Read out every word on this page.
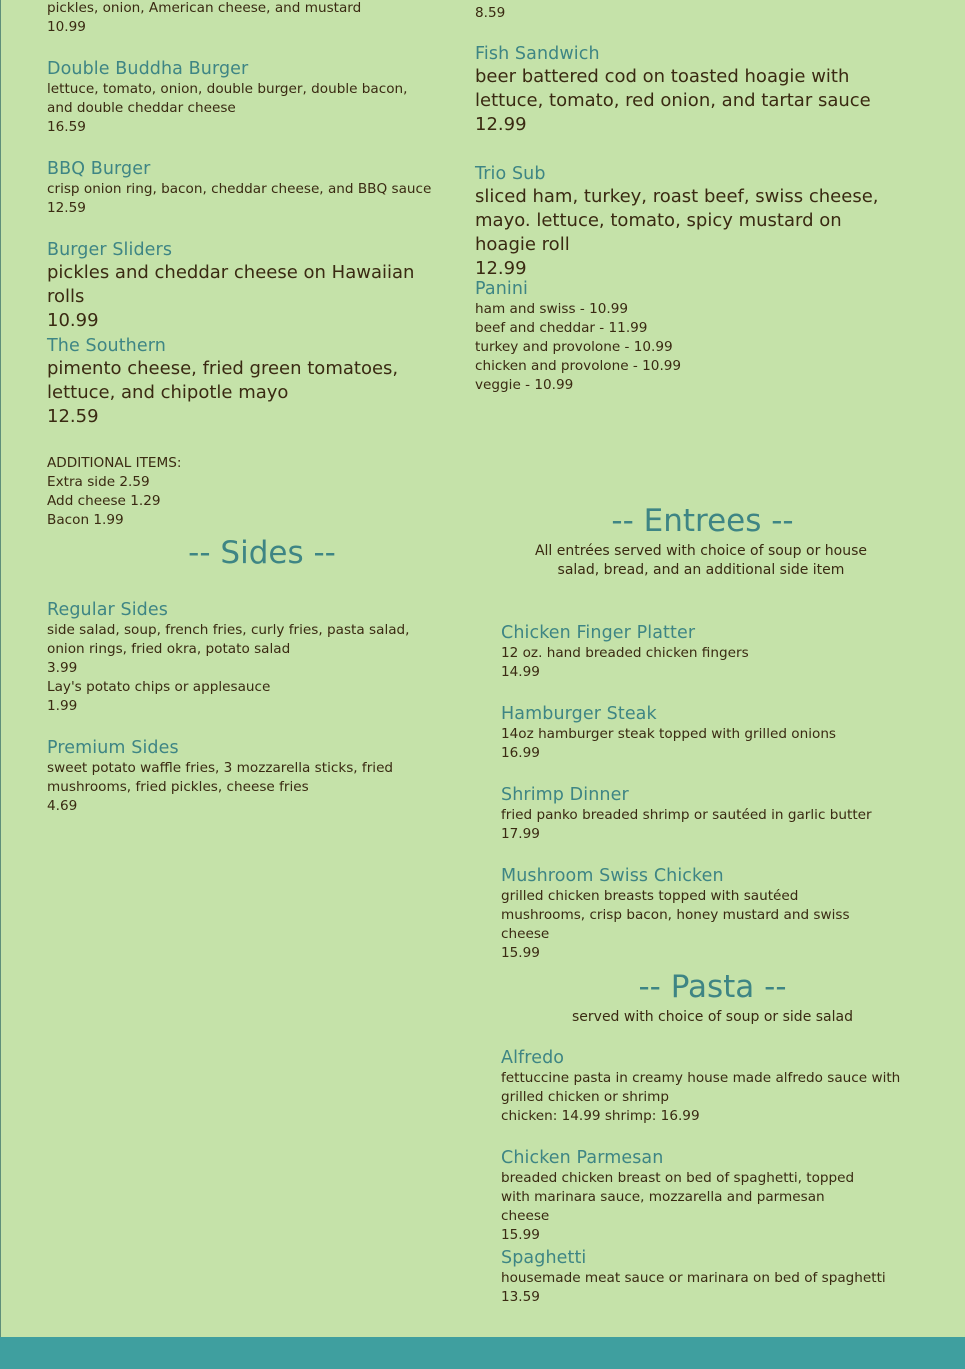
pickles, onion, American cheese, and mustard
10.99
Double Buddha Burger
lettuce, tomato, onion, double burger, double bacon, and double cheddar cheese
16.59
BBQ Burger
crisp onion ring, bacon, cheddar cheese, and BBQ sauce
12.59
Burger Sliders
pickles and cheddar cheese on Hawaiian rolls
10.99
The Southern
pimento cheese, fried green tomatoes, lettuce, and chipotle mayo
12.59
ADDITIONAL ITEMS:
Extra side 2.59
Add cheese 1.29
Bacon 1.99
-- Sides --
Regular Sides
side salad, soup, french fries, curly fries, pasta salad, onion rings, fried okra, potato salad
3.99
Lay's potato chips or applesauce
1.99
Premium Sides
sweet potato waffle fries, 3 mozzarella sticks, fried mushrooms, fried pickles, cheese fries
4.69
8.59
Fish Sandwich
beer battered cod on toasted hoagie with lettuce, tomato, red onion, and tartar sauce
12.99
Trio Sub
sliced ham, turkey, roast beef, swiss cheese, mayo. lettuce, tomato, spicy mustard on hoagie roll
12.99
Panini
ham and swiss - 10.99
beef and cheddar - 11.99
turkey and provolone - 10.99
chicken and provolone - 10.99
veggie - 10.99
-- Entrees --
All entrées served with choice of soup or house salad, bread, and an additional side item
Chicken Finger Platter
12 oz. hand breaded chicken fingers
14.99
Hamburger Steak
14oz hamburger steak topped with grilled onions
16.99
Shrimp Dinner
fried panko breaded shrimp or sautéed in garlic butter
17.99
Mushroom Swiss Chicken
grilled chicken breasts topped with sautéed mushrooms, crisp bacon, honey mustard and swiss cheese
15.99
-- Pasta --
served with choice of soup or side salad
Alfredo
fettuccine pasta in creamy house made alfredo sauce with grilled chicken or shrimp
chicken: 14.99 shrimp: 16.99
Chicken Parmesan
breaded chicken breast on bed of spaghetti, topped with marinara sauce, mozzarella and parmesan cheese
15.99
Spaghetti
housemade meat sauce or marinara on bed of spaghetti
13.59
